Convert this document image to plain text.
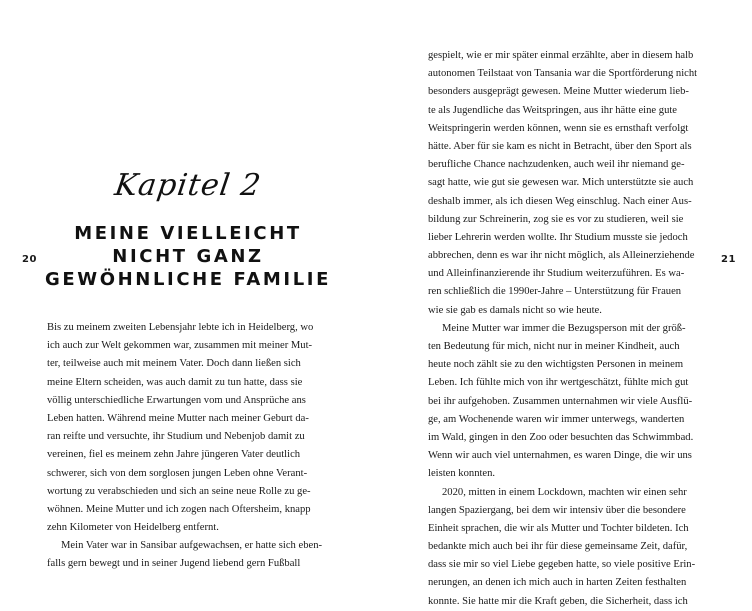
20
Kapitel 2
MEINE VIELLEICHT
NICHT GANZ
GEWÖHNLICHE FAMILIE
Bis zu meinem zweiten Lebensjahr lebte ich in Heidelberg, wo
ich auch zur Welt gekommen war, zusammen mit meiner Mut-
ter, teilweise auch mit meinem Vater. Doch dann ließen sich
meine Eltern scheiden, was auch damit zu tun hatte, dass sie
völlig unterschiedliche Erwartungen vom und Ansprüche ans
Leben hatten. Während meine Mutter nach meiner Geburt da-
ran reifte und versuchte, ihr Studium und Nebenjob damit zu
vereinen, fiel es meinem zehn Jahre jüngeren Vater deutlich
schwerer, sich von dem sorglosen jungen Leben ohne Verant-
wortung zu verabschieden und sich an seine neue Rolle zu ge-
wöhnen. Meine Mutter und ich zogen nach Oftersheim, knapp
zehn Kilometer von Heidelberg entfernt.
Mein Vater war in Sansibar aufgewachsen, er hatte sich eben-
falls gern bewegt und in seiner Jugend liebend gern Fußball
21
gespielt, wie er mir später einmal erzählte, aber in diesem halb
autonomen Teilstaat von Tansania war die Sportförderung nicht
besonders ausgeprägt gewesen. Meine Mutter wiederum lieb-
te als Jugendliche das Weitspringen, aus ihr hätte eine gute
Weitspringerin werden können, wenn sie es ernsthaft verfolgt
hätte. Aber für sie kam es nicht in Betracht, über den Sport als
berufliche Chance nachzudenken, auch weil ihr niemand ge-
sagt hatte, wie gut sie gewesen war. Mich unterstützte sie auch
deshalb immer, als ich diesen Weg einschlug. Nach einer Aus-
bildung zur Schreinerin, zog sie es vor zu studieren, weil sie
lieber Lehrerin werden wollte. Ihr Studium musste sie jedoch
abbrechen, denn es war ihr nicht möglich, als Alleinerziehende
und Alleinfinanzierende ihr Studium weiterzuführen. Es wa-
ren schließlich die 1990er-Jahre – Unterstützung für Frauen
wie sie gab es damals nicht so wie heute.
Meine Mutter war immer die Bezugsperson mit der größ-
ten Bedeutung für mich, nicht nur in meiner Kindheit, auch
heute noch zählt sie zu den wichtigsten Personen in meinem
Leben. Ich fühlte mich von ihr wertgeschätzt, fühlte mich gut
bei ihr aufgehoben. Zusammen unternahmen wir viele Ausflü-
ge, am Wochenende waren wir immer unterwegs, wanderten
im Wald, gingen in den Zoo oder besuchten das Schwimmbad.
Wenn wir auch viel unternahmen, es waren Dinge, die wir uns
leisten konnten.
2020, mitten in einem Lockdown, machten wir einen sehr
langen Spaziergang, bei dem wir intensiv über die besondere
Einheit sprachen, die wir als Mutter und Tochter bildeten. Ich
bedankte mich auch bei ihr für diese gemeinsame Zeit, dafür,
dass sie mir so viel Liebe gegeben hatte, so viele positive Erin-
nerungen, an denen ich mich auch in harten Zeiten festhalten
konnte. Sie hatte mir die Kraft geben, die Sicherheit, dass ich
